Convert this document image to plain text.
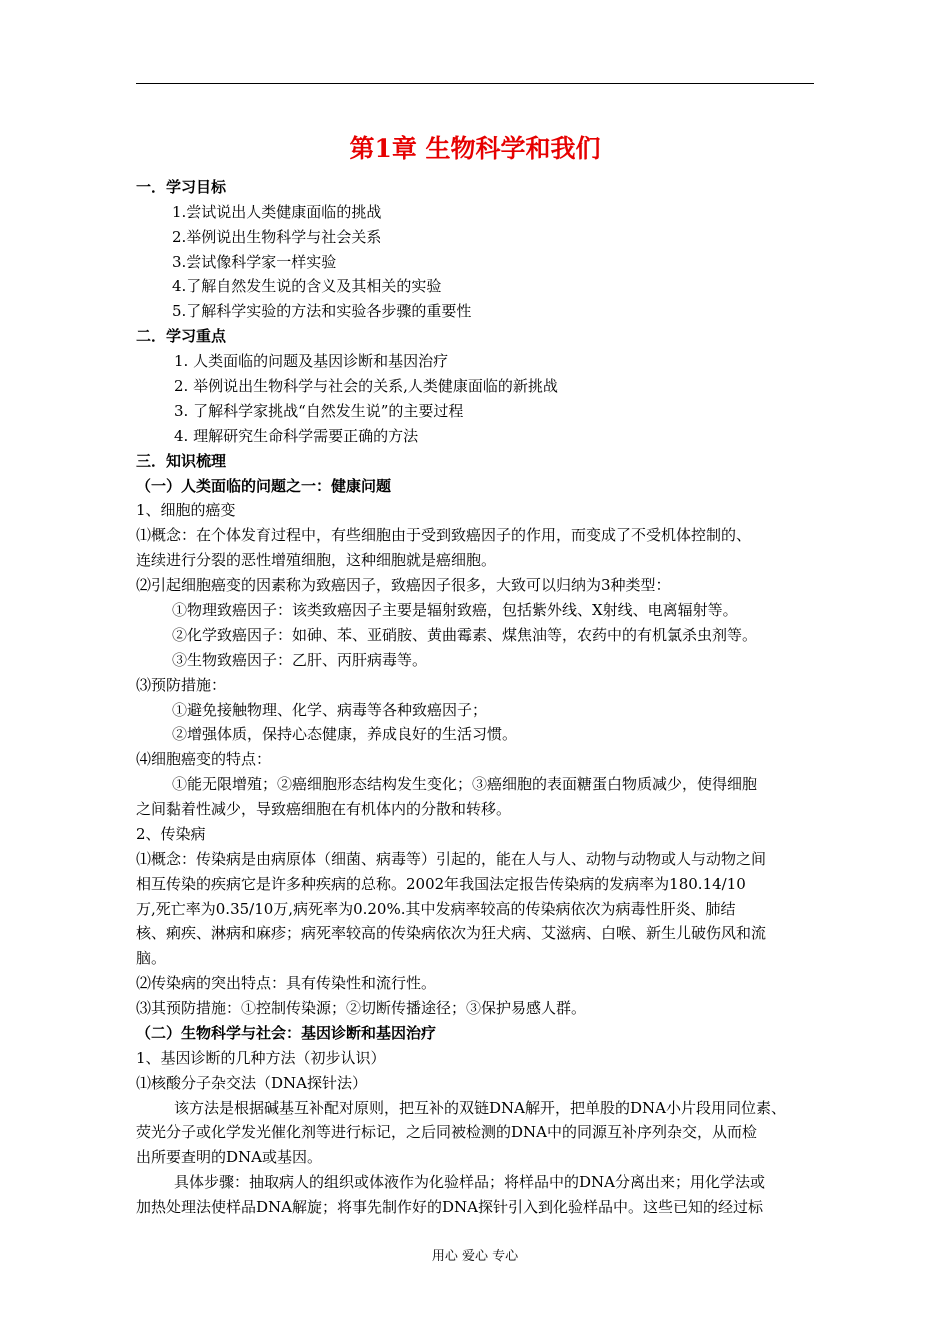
第1章 生物科学和我们
一．学习目标
1.尝试说出人类健康面临的挑战
2.举例说出生物科学与社会关系
3.尝试像科学家一样实验
4.了解自然发生说的含义及其相关的实验
5.了解科学实验的方法和实验各步骤的重要性
二．学习重点
1. 人类面临的问题及基因诊断和基因治疗
2. 举例说出生物科学与社会的关系,人类健康面临的新挑战
3. 了解科学家挑战“自然发生说”的主要过程
4. 理解研究生命科学需要正确的方法
三．知识梳理
（一）人类面临的问题之一：健康问题
1、细胞的癌变
⑴概念：在个体发育过程中，有些细胞由于受到致癌因子的作用，而变成了不受机体控制的、
连续进行分裂的恶性增殖细胞，这种细胞就是癌细胞。
⑵引起细胞癌变的因素称为致癌因子，致癌因子很多，大致可以归纳为3种类型：
①物理致癌因子：该类致癌因子主要是辐射致癌，包括紫外线、X射线、电离辐射等。
②化学致癌因子：如砷、苯、亚硝胺、黄曲霉素、煤焦油等，农药中的有机氯杀虫剂等。
③生物致癌因子：乙肝、丙肝病毒等。
⑶预防措施：
①避免接触物理、化学、病毒等各种致癌因子；
②增强体质，保持心态健康，养成良好的生活习惯。
⑷细胞癌变的特点：
①能无限增殖；②癌细胞形态结构发生变化；③癌细胞的表面糖蛋白物质减少，使得细胞
之间黏着性减少，导致癌细胞在有机体内的分散和转移。
2、传染病
⑴概念：传染病是由病原体（细菌、病毒等）引起的，能在人与人、动物与动物或人与动物之间
相互传染的疾病它是许多种疾病的总称。2002年我国法定报告传染病的发病率为180.14/10
万,死亡率为0.35/10万,病死率为0.20%.其中发病率较高的传染病依次为病毒性肝炎、肺结
核、痢疾、淋病和麻疹；病死率较高的传染病依次为狂犬病、艾滋病、白喉、新生儿破伤风和流
脑。
⑵传染病的突出特点：具有传染性和流行性。
⑶其预防措施：①控制传染源；②切断传播途径；③保护易感人群。
（二）生物科学与社会：基因诊断和基因治疗
1、基因诊断的几种方法（初步认识）
⑴核酸分子杂交法（DNA探针法）
该方法是根据碱基互补配对原则，把互补的双链DNA解开，把单股的DNA小片段用同位素、
荧光分子或化学发光催化剂等进行标记，之后同被检测的DNA中的同源互补序列杂交，从而检
出所要查明的DNA或基因。
具体步骤：抽取病人的组织或体液作为化验样品；将样品中的DNA分离出来；用化学法或
加热处理法使样品DNA解旋；将事先制作好的DNA探针引入到化验样品中。这些已知的经过标
用心 爱心 专心
